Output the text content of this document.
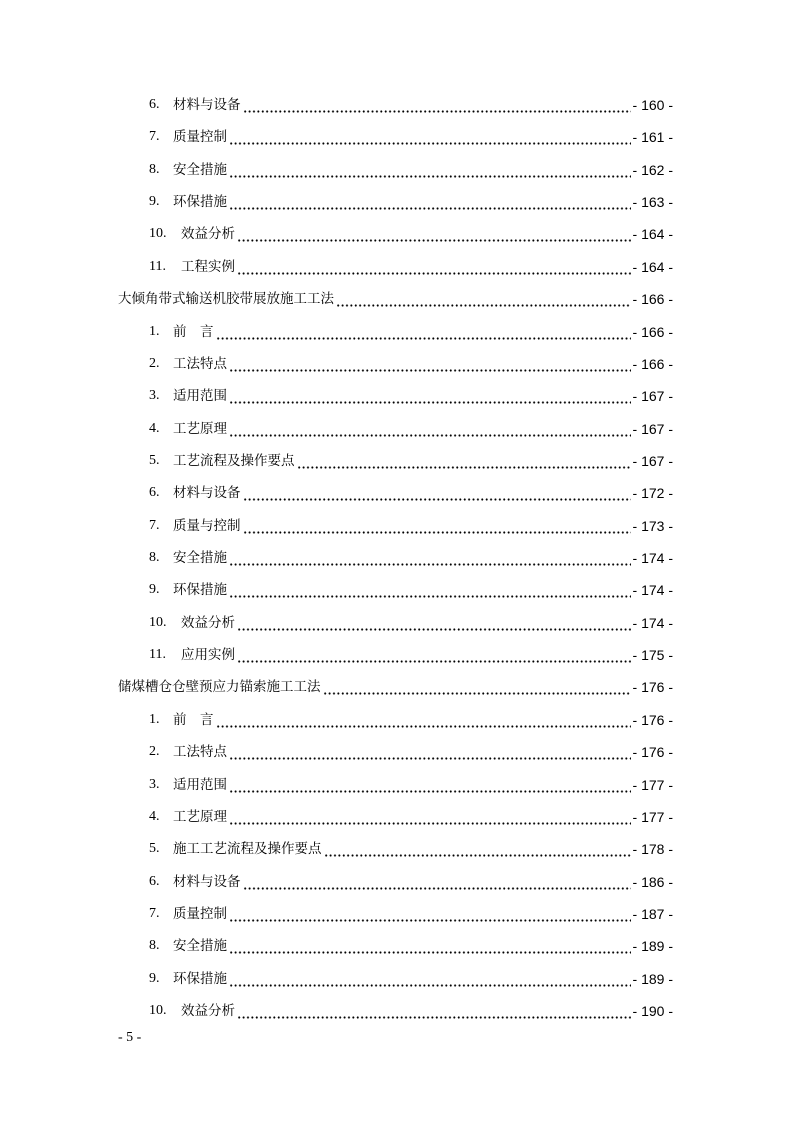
6.	材料与设备	- 160 -
7.	质量控制	- 161 -
8.	安全措施	- 162 -
9.	环保措施	- 163 -
10.	效益分析	- 164 -
11.	工程实例	- 164 -
大倾角带式输送机胶带展放施工工法	- 166 -
1.	前　言	- 166 -
2.	工法特点	- 166 -
3.	适用范围	- 167 -
4.	工艺原理	- 167 -
5.	工艺流程及操作要点	- 167 -
6.	材料与设备	- 172 -
7.	质量与控制	- 173 -
8.	安全措施	- 174 -
9.	环保措施	- 174 -
10.	效益分析	- 174 -
11.	应用实例	- 175 -
储煤槽仓仓壁预应力锚索施工工法	- 176 -
1.	前　言	- 176 -
2.	工法特点	- 176 -
3.	适用范围	- 177 -
4.	工艺原理	- 177 -
5.	施工工艺流程及操作要点	- 178 -
6.	材料与设备	- 186 -
7.	质量控制	- 187 -
8.	安全措施	- 189 -
9.	环保措施	- 189 -
10.	效益分析	- 190 -
- 5 -
